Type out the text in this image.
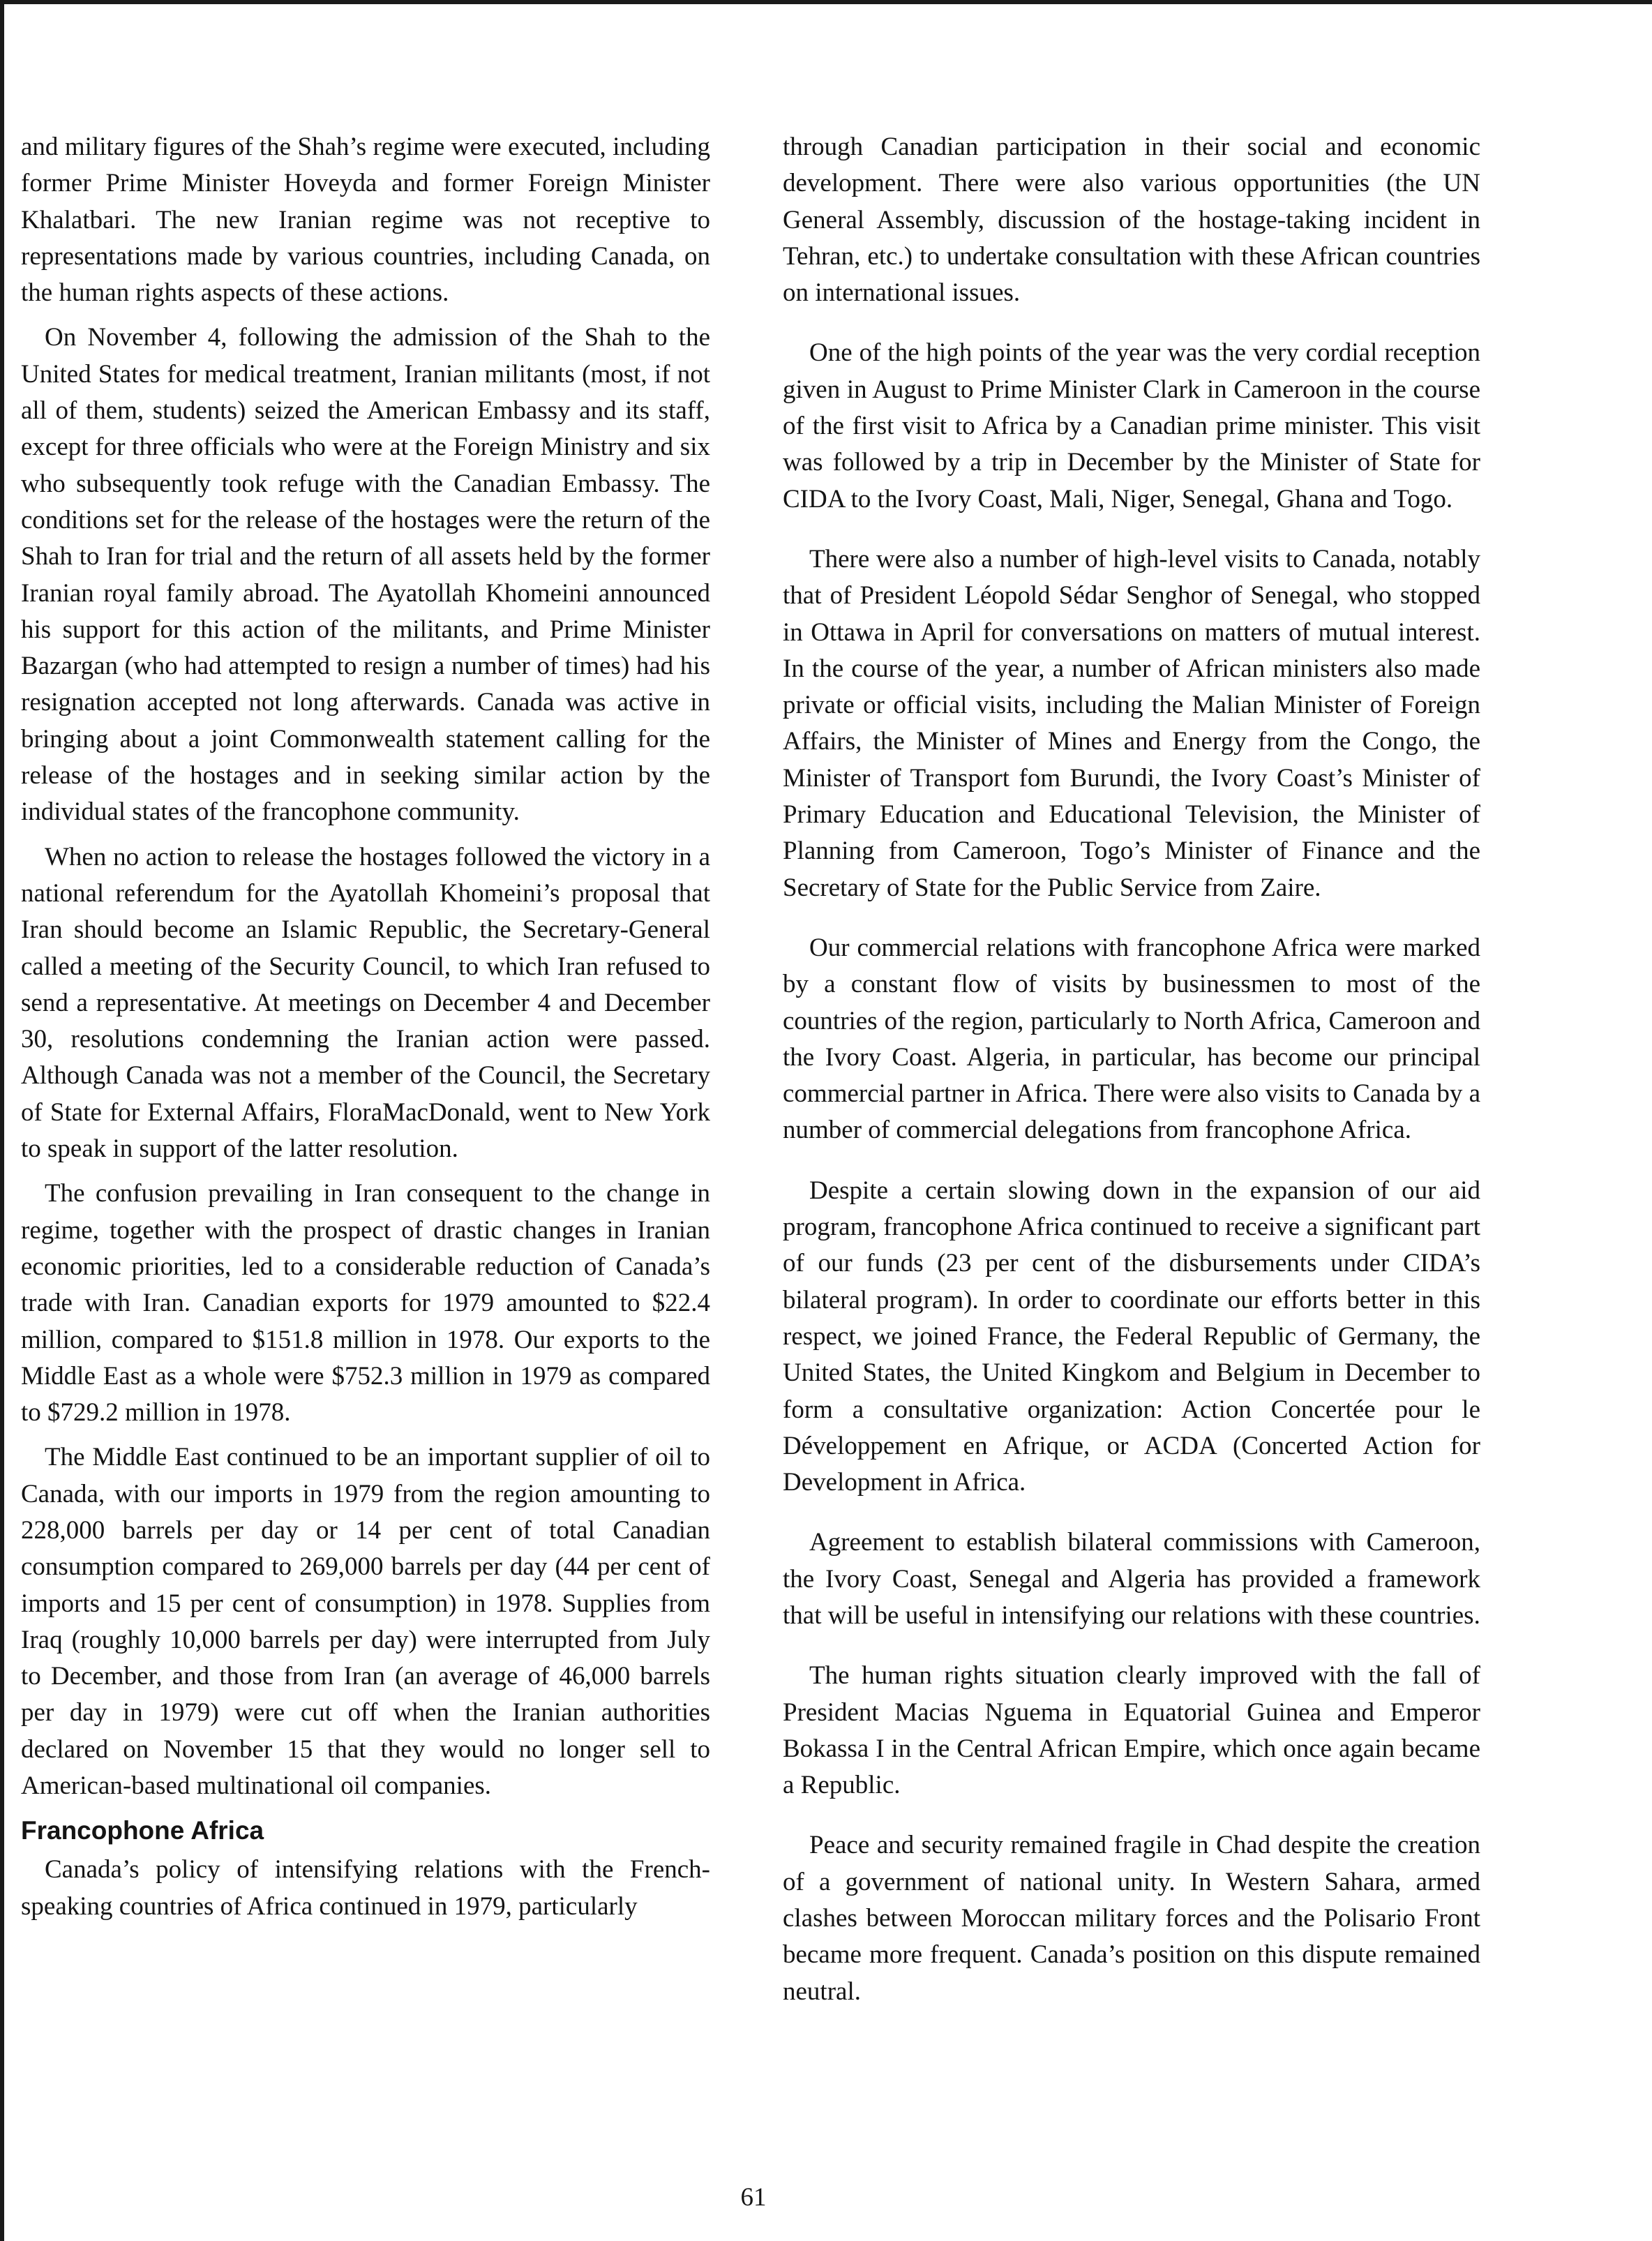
and military figures of the Shah’s regime were executed, including former Prime Minister Hoveyda and former Foreign Minister Khalatbari. The new Iranian regime was not receptive to representations made by various countries, including Canada, on the human rights aspects of these actions.

On November 4, following the admission of the Shah to the United States for medical treatment, Iranian militants (most, if not all of them, students) seized the American Embassy and its staff, except for three officials who were at the Foreign Ministry and six who subsequently took refuge with the Canadian Embassy. The conditions set for the release of the hostages were the return of the Shah to Iran for trial and the return of all assets held by the former Iranian royal family abroad. The Ayatollah Khomeini announced his support for this action of the militants, and Prime Minister Bazargan (who had attempted to resign a number of times) had his resignation accepted not long afterwards. Canada was active in bringing about a joint Commonwealth statement calling for the release of the hostages and in seeking similar action by the individual states of the francophone community.

When no action to release the hostages followed the victory in a national referendum for the Ayatollah Khomeini’s proposal that Iran should become an Islamic Republic, the Secretary-General called a meeting of the Security Council, to which Iran refused to send a representative. At meetings on December 4 and December 30, resolutions condemning the Iranian action were passed. Although Canada was not a member of the Council, the Secretary of State for External Affairs, FloraMacDonald, went to New York to speak in support of the latter resolution.

The confusion prevailing in Iran consequent to the change in regime, together with the prospect of drastic changes in Iranian economic priorities, led to a considerable reduction of Canada’s trade with Iran. Canadian exports for 1979 amounted to $22.4 million, compared to $151.8 million in 1978. Our exports to the Middle East as a whole were $752.3 million in 1979 as compared to $729.2 million in 1978.

The Middle East continued to be an important supplier of oil to Canada, with our imports in 1979 from the region amounting to 228,000 barrels per day or 14 per cent of total Canadian consumption compared to 269,000 barrels per day (44 per cent of imports and 15 per cent of consumption) in 1978. Supplies from Iraq (roughly 10,000 barrels per day) were interrupted from July to December, and those from Iran (an average of 46,000 barrels per day in 1979) were cut off when the Iranian authorities declared on November 15 that they would no longer sell to American-based multinational oil companies.

Francophone Africa

Canada’s policy of intensifying relations with the Frenchspeaking countries of Africa continued in 1979, particularly

through Canadian participation in their social and economic development. There were also various opportunities (the UN General Assembly, discussion of the hostage-taking incident in Tehran, etc.) to undertake consultation with these African countries on international issues.

One of the high points of the year was the very cordial reception given in August to Prime Minister Clark in Cameroon in the course of the first visit to Africa by a Canadian prime minister. This visit was followed by a trip in December by the Minister of State for CIDA to the Ivory Coast, Mali, Niger, Senegal, Ghana and Togo.

There were also a number of high-level visits to Canada, notably that of President Léopold Sédar Senghor of Senegal, who stopped in Ottawa in April for conversations on matters of mutual interest. In the course of the year, a number of African ministers also made private or official visits, including the Malian Minister of Foreign Affairs, the Minister of Mines and Energy from the Congo, the Minister of Transport fom Burundi, the Ivory Coast’s Minister of Primary Education and Educational Television, the Minister of Planning from Cameroon, Togo’s Minister of Finance and the Secretary of State for the Public Service from Zaire.

Our commercial relations with francophone Africa were marked by a constant flow of visits by businessmen to most of the countries of the region, particularly to North Africa, Cameroon and the Ivory Coast. Algeria, in particular, has become our principal commercial partner in Africa. There were also visits to Canada by a number of commercial delegations from francophone Africa.

Despite a certain slowing down in the expansion of our aid program, francophone Africa continued to receive a significant part of our funds (23 per cent of the disbursements under CIDA’s bilateral program). In order to coordinate our efforts better in this respect, we joined France, the Federal Republic of Germany, the United States, the United Kingkom and Belgium in December to form a consultative organization: Action Concertée pour le Développement en Afrique, or ACDA (Concerted Action for Development in Africa.

Agreement to establish bilateral commissions with Cameroon, the Ivory Coast, Senegal and Algeria has provided a framework that will be useful in intensifying our relations with these countries.

The human rights situation clearly improved with the fall of President Macias Nguema in Equatorial Guinea and Emperor Bokassa I in the Central African Empire, which once again became a Republic.

Peace and security remained fragile in Chad despite the creation of a government of national unity. In Western Sahara, armed clashes between Moroccan military forces and the Polisario Front became more frequent. Canada’s position on this dispute remained neutral.

61
